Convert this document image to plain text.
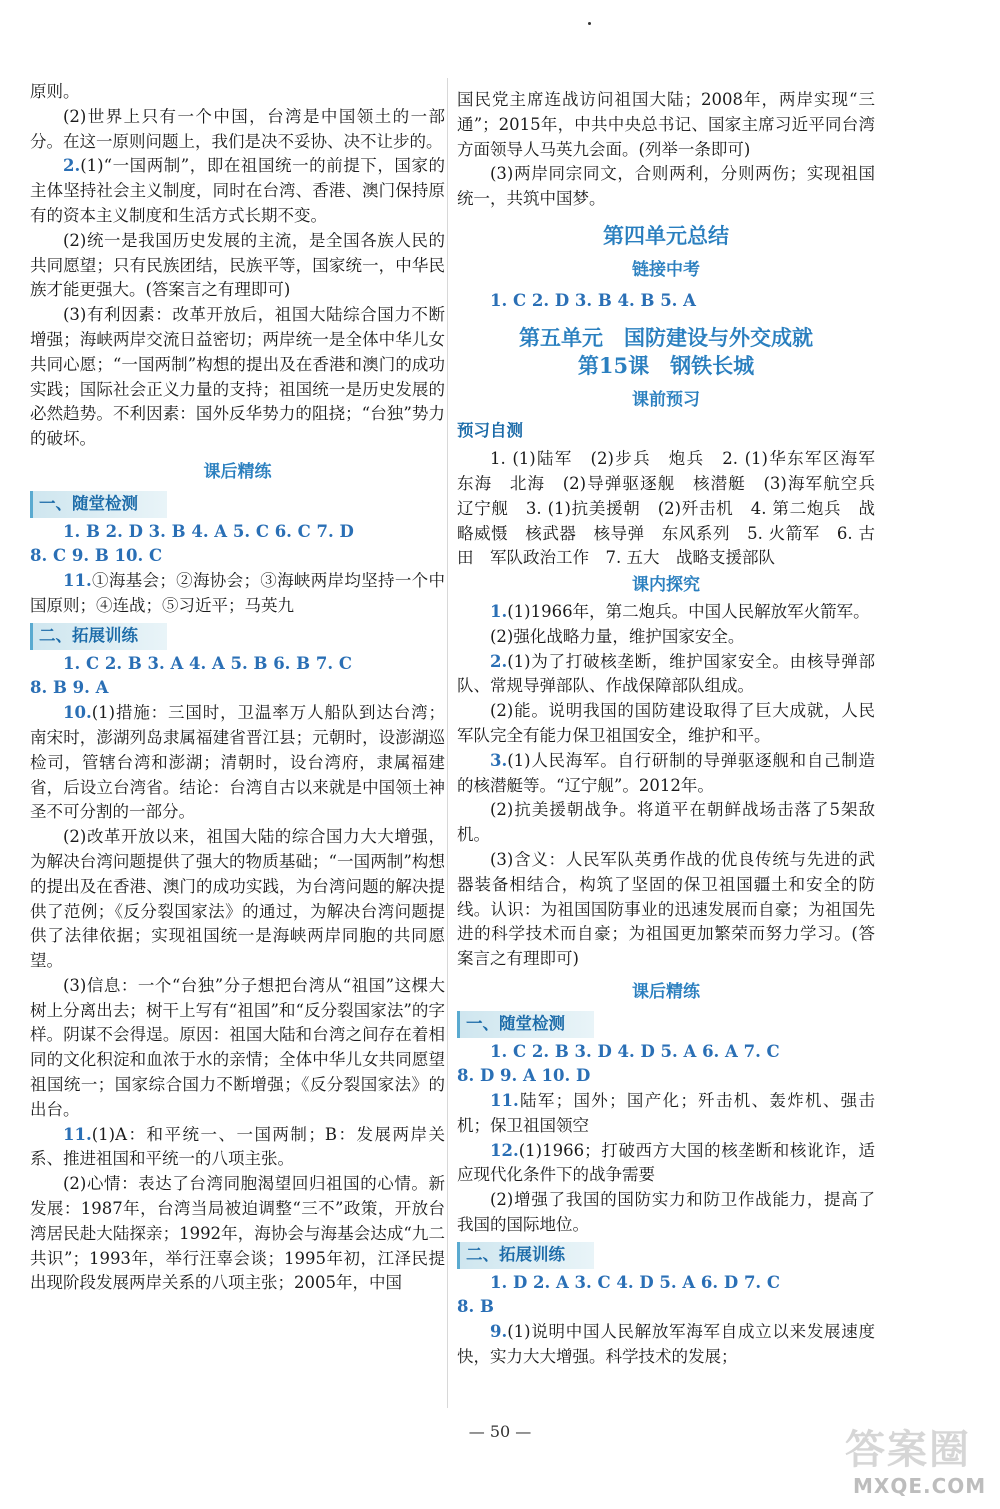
原则。

(2)世界上只有一个中国，台湾是中国领土的一部分。在这一原则问题上，我们是决不妥协、决不让步的。

2.(1)“一国两制”，即在祖国统一的前提下，国家的主体坚持社会主义制度，同时在台湾、香港、澳门保持原有的资本主义制度和生活方式长期不变。

(2)统一是我国历史发展的主流，是全国各族人民的共同愿望；只有民族团结，民族平等，国家统一，中华民族才能更强大。(答案言之有理即可)

(3)有利因素：改革开放后，祖国大陆综合国力不断增强；海峡两岸交流日益密切；两岸统一是全体中华儿女共同心愿；“一国两制”构想的提出及在香港和澳门的成功实践；国际社会正义力量的支持；祖国统一是历史发展的必然趋势。不利因素：国外反华势力的阻挠；“台独”势力的破坏。

课后精练
一、随堂检测

1. B 2. D 3. B 4. A 5. C 6. C 7. D

8. C 9. B 10. C

11.①海基会；②海协会；③海峡两岸均坚持一个中国原则；④连战；⑤习近平；马英九

二、拓展训练

1. C 2. B 3. A 4. A 5. B 6. B 7. C

8. B 9. A

10.(1)措施：三国时，卫温率万人船队到达台湾；南宋时，澎湖列岛隶属福建省晋江县；元朝时，设澎湖巡检司，管辖台湾和澎湖；清朝时，设台湾府，隶属福建省，后设立台湾省。结论：台湾自古以来就是中国领土神圣不可分割的一部分。

(2)改革开放以来，祖国大陆的综合国力大大增强，为解决台湾问题提供了强大的物质基础；“一国两制”构想的提出及在香港、澳门的成功实践，为台湾问题的解决提供了范例；《反分裂国家法》的通过，为解决台湾问题提供了法律依据；实现祖国统一是海峡两岸同胞的共同愿望。

(3)信息：一个“台独”分子想把台湾从“祖国”这棵大树上分离出去；树干上写有“祖国”和“反分裂国家法”的字样。阴谋不会得逞。原因：祖国大陆和台湾之间存在着相同的文化积淀和血浓于水的亲情；全体中华儿女共同愿望祖国统一；国家综合国力不断增强；《反分裂国家法》的出台。

11.(1)A：和平统一、一国两制；B：发展两岸关系、推进祖国和平统一的八项主张。

(2)心情：表达了台湾同胞渴望回归祖国的心情。新发展：1987年，台湾当局被迫调整“三不”政策，开放台湾居民赴大陆探亲；1992年，海协会与海基会达成“九二共识”；1993年，举行汪辜会谈；1995年初，江泽民提出现阶段发展两岸关系的八项主张；2005年，中国

国民党主席连战访问祖国大陆；2008年，两岸实现“三通”；2015年，中共中央总书记、国家主席习近平同台湾方面领导人马英九会面。(列举一条即可)

(3)两岸同宗同文，合则两利，分则两伤；实现祖国统一，共筑中国梦。

第四单元总结
链接中考

1. C 2. D 3. B 4. B 5. A

第五单元　国防建设与外交成就
第15课　钢铁长城
课前预习
预习自测

1. (1)陆军　(2)步兵　炮兵　2. (1)华东军区海军　东海　北海　(2)导弹驱逐舰　核潜艇　(3)海军航空兵　辽宁舰　3. (1)抗美援朝　(2)歼击机　4. 第二炮兵　战略威慑　核武器　核导弹　东风系列　5. 火箭军　6. 古田　军队政治工作　7. 五大　战略支援部队

课内探究

1.(1)1966年，第二炮兵。中国人民解放军火箭军。

(2)强化战略力量，维护国家安全。

2.(1)为了打破核垄断，维护国家安全。由核导弹部队、常规导弹部队、作战保障部队组成。

(2)能。说明我国的国防建设取得了巨大成就，人民军队完全有能力保卫祖国安全，维护和平。

3.(1)人民海军。自行研制的导弹驱逐舰和自己制造的核潜艇等。“辽宁舰”。2012年。

(2)抗美援朝战争。将道平在朝鲜战场击落了5架敌机。

(3)含义：人民军队英勇作战的优良传统与先进的武器装备相结合，构筑了坚固的保卫祖国疆土和安全的防线。认识：为祖国国防事业的迅速发展而自豪；为祖国先进的科学技术而自豪；为祖国更加繁荣而努力学习。(答案言之有理即可)

课后精练
一、随堂检测

1. C 2. B 3. D 4. D 5. A 6. A 7. C

8. D 9. A 10. D

11.陆军；国外；国产化；歼击机、轰炸机、强击机；保卫祖国领空

12.(1)1966；打破西方大国的核垄断和核讹诈，适应现代化条件下的战争需要

(2)增强了我国的国防实力和防卫作战能力，提高了我国的国际地位。

二、拓展训练

1. D 2. A 3. C 4. D 5. A 6. D 7. C

8. B

9.(1)说明中国人民解放军海军自成立以来发展速度快，实力大大增强。科学技术的发展；

— 50 —	答案圈
MXQE.COM
